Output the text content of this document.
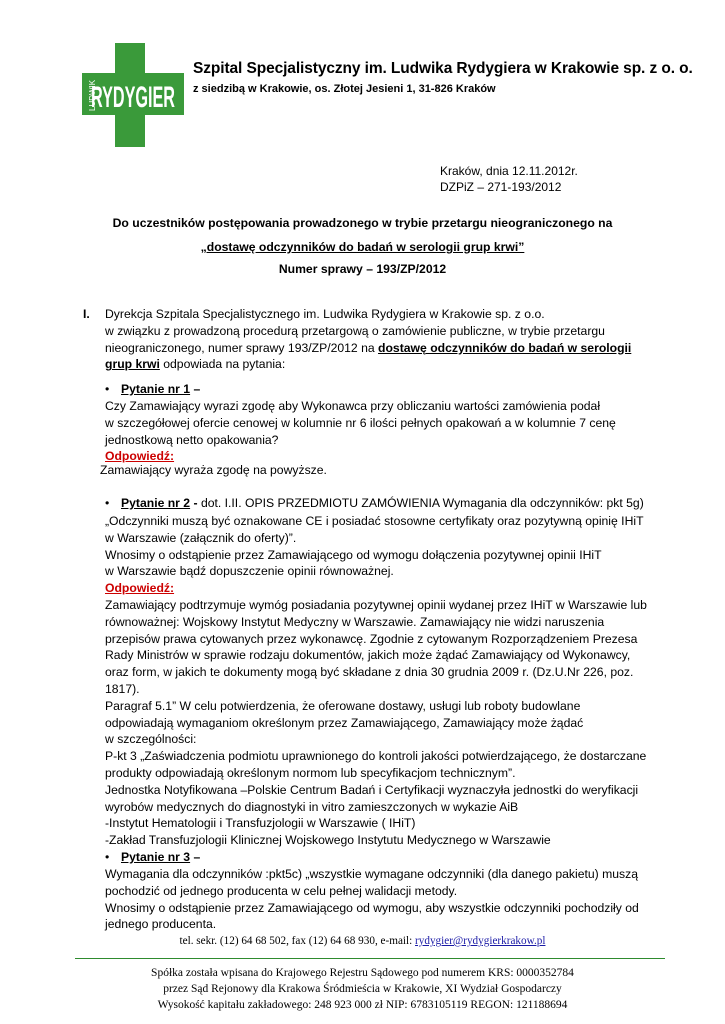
RYDYGIER
LUDWIK
Szpital Specjalistyczny im. Ludwika Rydygiera w Krakowie sp. z o. o.
z siedzibą w Krakowie, os. Złotej Jesieni 1, 31-826 Kraków
Kraków, dnia 12.11.2012r.
DZPiZ – 271-193/2012
Do uczestników postępowania prowadzonego w trybie przetargu nieograniczonego na
„dostawę odczynników do badań w serologii grup krwi”
Numer sprawy – 193/ZP/2012
I. Dyrekcja Szpitala Specjalistycznego im. Ludwika Rydygiera w Krakowie sp. z o.o.

w związku z prowadzoną procedurą przetargową o zamówienie publiczne, w trybie przetargu

nieograniczonego, numer sprawy 193/ZP/2012 na dostawę odczynników do badań w serologii

grup krwi odpowiada na pytania:

• Pytanie nr 1 –

Czy Zamawiający wyrazi zgodę aby Wykonawca przy obliczaniu wartości zamówienia podał

w szczegółowej ofercie cenowej w kolumnie nr 6 ilości pełnych opakowań a w kolumnie 7 cenę

jednostkową netto opakowania?

Odpowiedź:

Zamawiający wyraża zgodę na powyższe.
• Pytanie nr 2 - dot. I.II. OPIS PRZEDMIOTU ZAMÓWIENIA Wymagania dla odczynników: pkt 5g)

„Odczynniki muszą być oznakowane CE i posiadać stosowne certyfikaty oraz pozytywną opinię IHiT

w Warszawie (załącznik do oferty)”.

Wnosimy o odstąpienie przez Zamawiającego od wymogu dołączenia pozytywnej opinii IHiT

w Warszawie bądź dopuszczenie opinii równoważnej.

Odpowiedź:

Zamawiający podtrzymuje wymóg posiadania pozytywnej opinii wydanej przez IHiT w Warszawie lub

równoważnej: Wojskowy Instytut Medyczny w Warszawie. Zamawiający nie widzi naruszenia

przepisów prawa cytowanych przez wykonawcę. Zgodnie z cytowanym Rozporządzeniem Prezesa

Rady Ministrów w sprawie rodzaju dokumentów, jakich może żądać Zamawiający od Wykonawcy,

oraz form, w jakich te dokumenty mogą być składane z dnia 30 grudnia 2009 r. (Dz.U.Nr 226, poz.

1817).

Paragraf 5.1” W celu potwierdzenia, że oferowane dostawy, usługi lub roboty budowlane

odpowiadają wymaganiom określonym przez Zamawiającego, Zamawiający może żądać

w szczególności:

P-kt 3 „Zaświadczenia podmiotu uprawnionego do kontroli jakości potwierdzającego, że dostarczane

produkty odpowiadają określonym normom lub specyfikacjom technicznym”.

Jednostka Notyfikowana –Polskie Centrum Badań i Certyfikacji wyznaczyła jednostki do weryfikacji

wyrobów medycznych do diagnostyki in vitro zamieszczonych w wykazie AiB

-Instytut Hematologii i Transfuzjologii w Warszawie ( IHiT)

-Zakład Transfuzjologii Klinicznej Wojskowego Instytutu Medycznego w Warszawie

• Pytanie nr 3 –

Wymagania dla odczynników :pkt5c) „wszystkie wymagane odczynniki (dla danego pakietu) muszą

pochodzić od jednego producenta w celu pełnej walidacji metody.

Wnosimy o odstąpienie przez Zamawiającego od wymogu, aby wszystkie odczynniki pochodziły od

jednego producenta.

tel. sekr. (12) 64 68 502, fax (12) 64 68 930, e-mail: rydygier@rydygierkrakow.pl
Spółka została wpisana do Krajowego Rejestru Sądowego pod numerem KRS: 0000352784
przez Sąd Rejonowy dla Krakowa Śródmieścia w Krakowie, XI Wydział Gospodarczy
Wysokość kapitału zakładowego: 248 923 000 zł NIP: 6783105119 REGON: 121188694
